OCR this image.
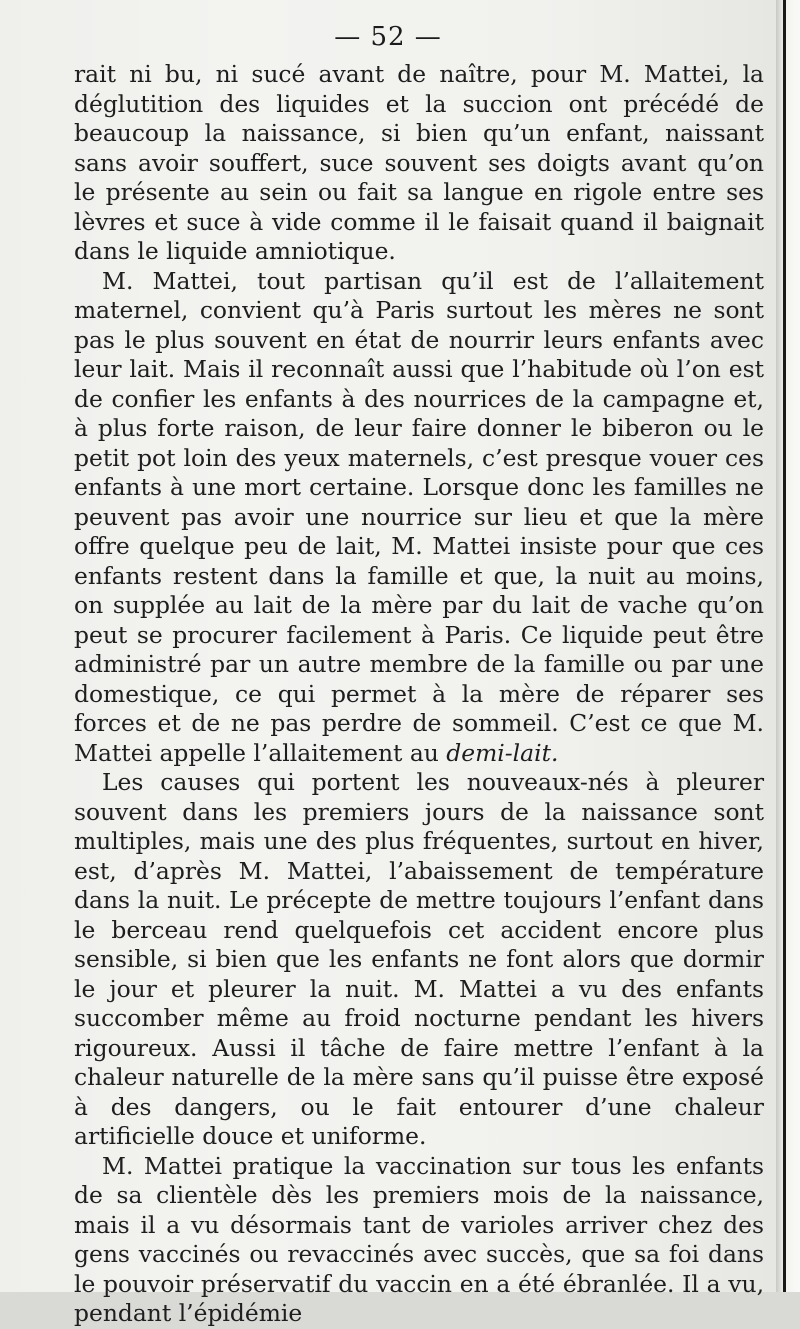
— 52 —

rait ni bu, ni sucé avant de naître, pour M. Mattei, la déglutition des liquides et la succion ont précédé de beaucoup la naissance, si bien qu’un enfant, naissant sans avoir souffert, suce souvent ses doigts avant qu’on le présente au sein ou fait sa langue en rigole entre ses lèvres et suce à vide comme il le faisait quand il baignait dans le liquide amniotique.

M. Mattei, tout partisan qu’il est de l’allaitement maternel, convient qu’à Paris surtout les mères ne sont pas le plus souvent en état de nourrir leurs enfants avec leur lait. Mais il reconnaît aussi que l’habitude où l’on est de confier les enfants à des nourrices de la campagne et, à plus forte raison, de leur faire donner le biberon ou le petit pot loin des yeux maternels, c’est presque vouer ces enfants à une mort certaine. Lorsque donc les familles ne peuvent pas avoir une nourrice sur lieu et que la mère offre quelque peu de lait, M. Mattei insiste pour que ces enfants restent dans la famille et que, la nuit au moins, on supplée au lait de la mère par du lait de vache qu’on peut se procurer facilement à Paris. Ce liquide peut être administré par un autre membre de la famille ou par une domestique, ce qui permet à la mère de réparer ses forces et de ne pas perdre de sommeil. C’est ce que M. Mattei appelle l’allaitement au demi-lait.

Les causes qui portent les nouveaux-nés à pleurer souvent dans les premiers jours de la naissance sont multiples, mais une des plus fréquentes, surtout en hiver, est, d’après M. Mattei, l’abaissement de température dans la nuit. Le précepte de mettre toujours l’enfant dans le berceau rend quelquefois cet accident encore plus sensible, si bien que les enfants ne font alors que dormir le jour et pleurer la nuit. M. Mattei a vu des enfants succomber même au froid nocturne pendant les hivers rigoureux. Aussi il tâche de faire mettre l’enfant à la chaleur naturelle de la mère sans qu’il puisse être exposé à des dangers, ou le fait entourer d’une chaleur artificielle douce et uniforme.

M. Mattei pratique la vaccination sur tous les enfants de sa clientèle dès les premiers mois de la naissance, mais il a vu désormais tant de varioles arriver chez des gens vaccinés ou revaccinés avec succès, que sa foi dans le pouvoir préservatif du vaccin en a été ébranlée. Il a vu, pendant l’épidémie
